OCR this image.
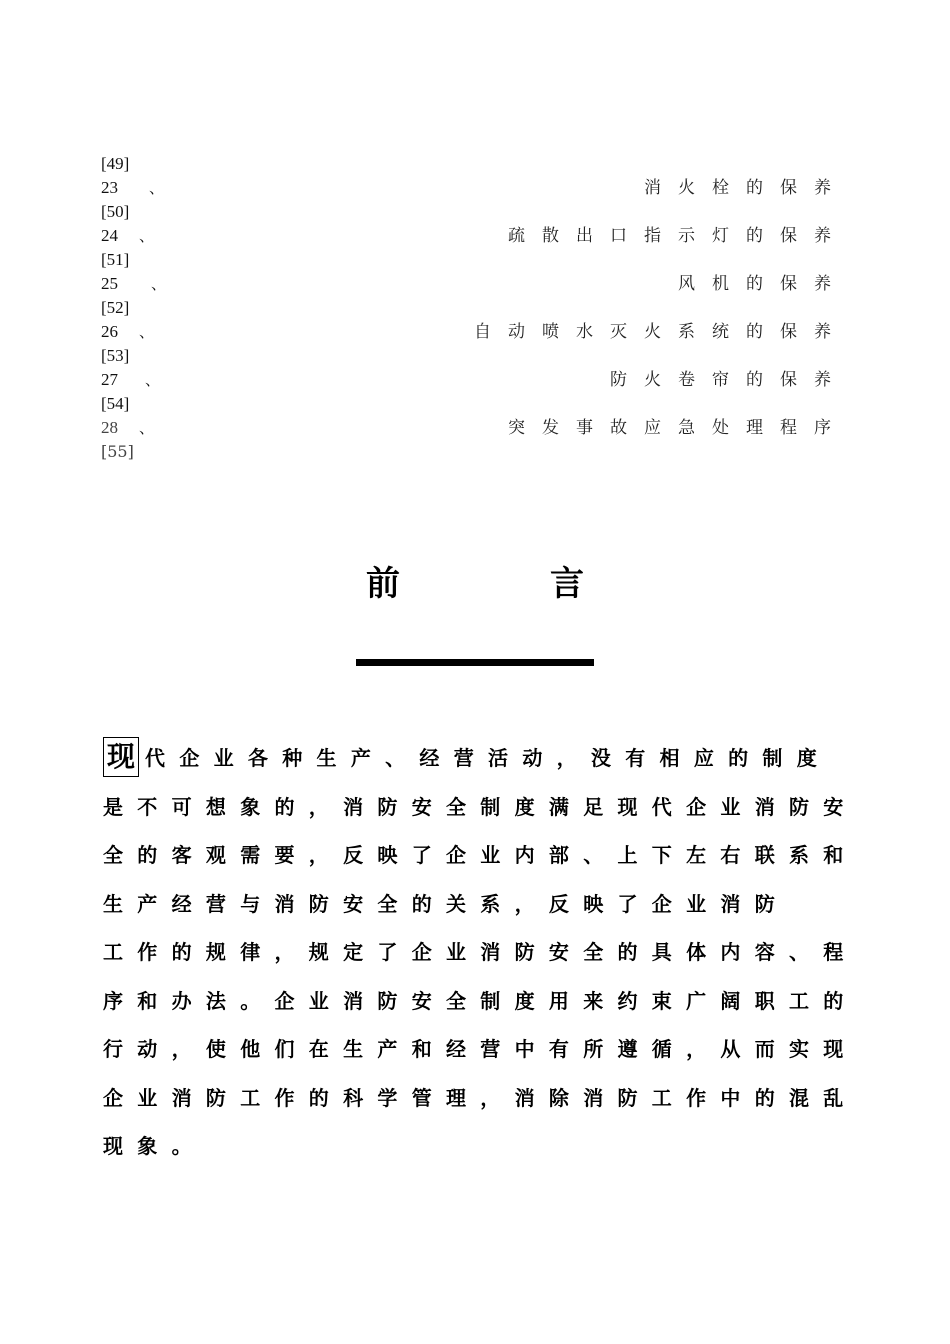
[49]
23 、	消　火　栓　的　保　养
[50]
24 、	疏　散　出　口　指　示　灯　的　保　养
[51]
25 、	风　机　的　保　养
[52]
26 、	自　动　喷　水　灭　火　系　统　的　保　养
[53]
27 、	防　火　卷　帘　的　保　养
[54]
28 、	突　发　事　故　应　急　处　理　程　序
[55]
前言
现 代企业各种生产、经营活动，没有相应的制度
是不可想象的，消防安全制度满足现代企业消防安
全的客观需要，反映了企业内部、上下左右联系和
生产经营与消防安全的关系，反映了企业消防
工作的规律，规定了企业消防安全的具体内容、程
序和办法。企业消防安全制度用来约束广阔职工的
行动，使他们在生产和经营中有所遵循，从而实现
企业消防工作的科学管理，消除消防工作中的混乱
现象。
